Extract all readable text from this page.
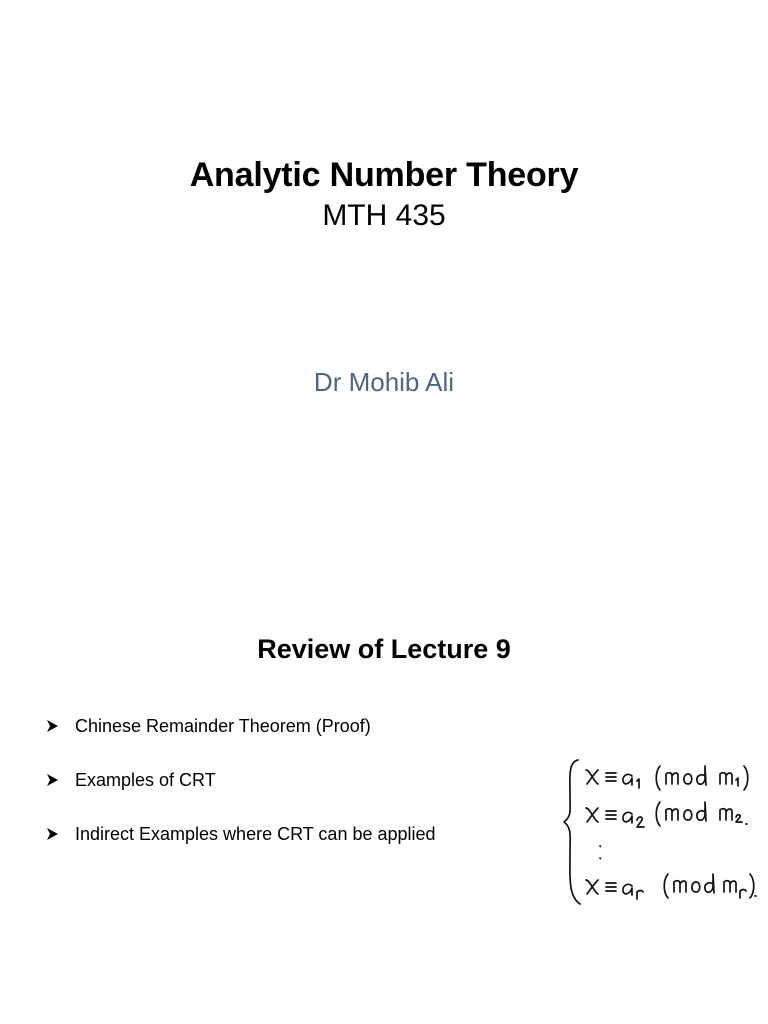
Analytic Number Theory
MTH 435
Dr Mohib Ali
Review of Lecture 9
Chinese Remainder Theorem (Proof)
Examples of CRT
Indirect Examples where CRT can be applied
